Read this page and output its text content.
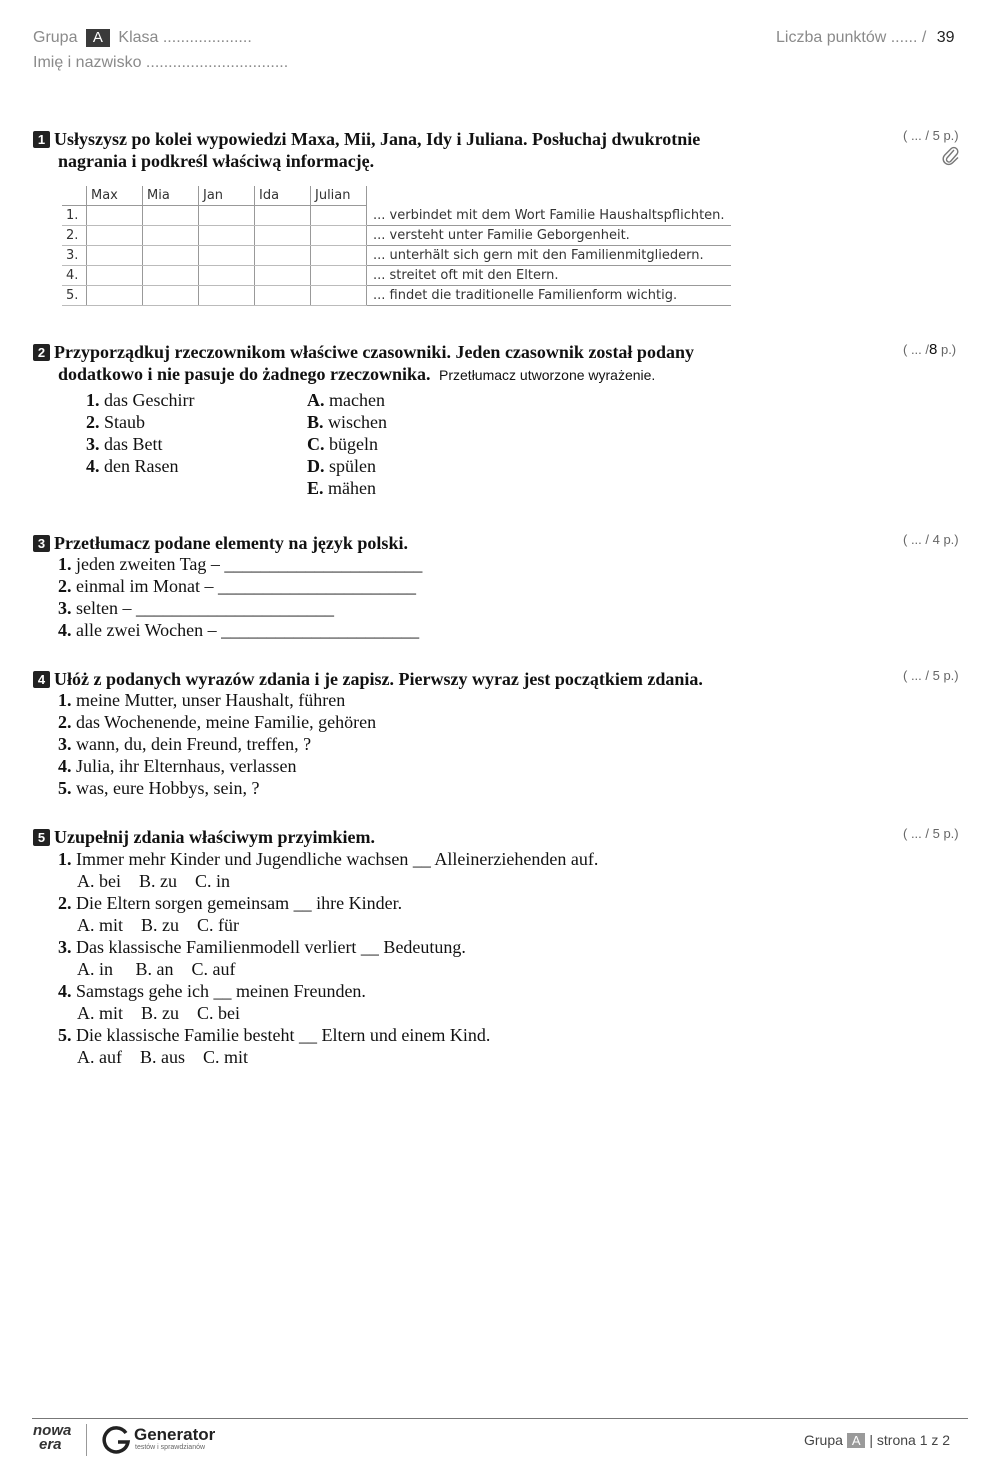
Grupa A Klasa ....................
Imię i nazwisko ................................
Liczba punktów ...... / 39
1 Usłyszysz po kolei wypowiedzi Maxa, Mii, Jana, Idy i Juliana. Posłuchaj dwukrotnie
nagrania i podkreśl właściwą informację.
( ... / 5 p.)
	Max	Mia	Jan	Ida	Julian	
1.						... verbindet mit dem Wort Familie Haushaltspflichten.
2.						... versteht unter Familie Geborgenheit.
3.						... unterhält sich gern mit den Familienmitgliedern.
4.						... streitet oft mit den Eltern.
5.						... findet die traditionelle Familienform wichtig.
2 Przyporządkuj rzeczownikom właściwe czasowniki. Jeden czasownik został podany
dodatkowo i nie pasuje do żadnego rzeczownika. Przetłumacz utworzone wyrażenie.
( ... /8 p.)
1. das Geschirr
2. Staub
3. das Bett
4. den Rasen
A. machen
B. wischen
C. bügeln
D. spülen
E. mähen
3 Przetłumacz podane elementy na język polski.	( ... / 4 p.)
1. jeden zweiten Tag – ______________________
2. einmal im Monat – ______________________
3. selten – ______________________
4. alle zwei Wochen – ______________________
4 Ułóż z podanych wyrazów zdania i je zapisz. Pierwszy wyraz jest początkiem zdania.	( ... / 5 p.)
1. meine Mutter, unser Haushalt, führen
2. das Wochenende, meine Familie, gehören
3. wann, du, dein Freund, treffen, ?
4. Julia, ihr Elternhaus, verlassen
5. was, eure Hobbys, sein, ?
5 Uzupełnij zdania właściwym przyimkiem.	( ... / 5 p.)
1. Immer mehr Kinder und Jugendliche wachsen __ Alleinerziehenden auf.
A. bei    B. zu    C. in
2. Die Eltern sorgen gemeinsam __ ihre Kinder.
A. mit    B. zu    C. für
3. Das klassische Familienmodell verliert __ Bedeutung.
A. in     B. an    C. auf
4. Samstags gehe ich __ meinen Freunden.
A. mit    B. zu    C. bei
5. Die klassische Familie besteht __ Eltern und einem Kind.
A. auf    B. aus    C. mit
nowa
era
Generator
testów i sprawdzianów	Grupa A | strona 1 z 2
